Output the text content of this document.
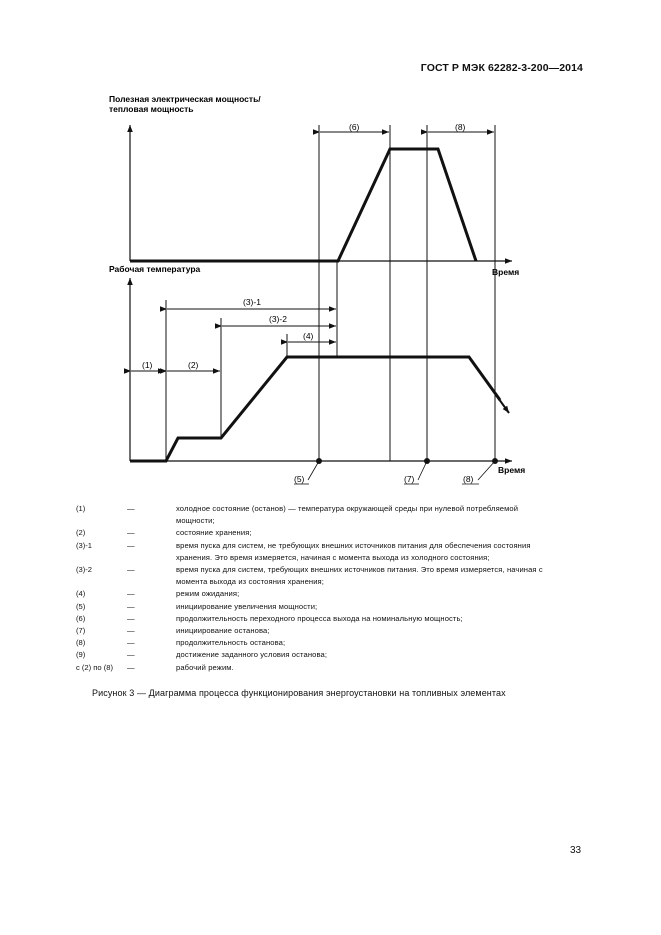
ГОСТ Р МЭК 62282-3-200—2014
Полезная электрическая мощность/
тепловая мощность
Время
Рабочая температура
Время
(6)	(8)
(3)-1
(3)-2
(4)
(1)	(2)
(5)	(7)	(8)
(1)	—	холодное состояние (останов) — температура окружающей среды при нулевой потребляемой мощности;
(2)	—	состояние хранения;
(3)-1	—	время пуска для систем, не требующих внешних источников питания для обеспечения состояния хранения. Это время измеряется, начиная с момента выхода из холодного состояния;
(3)-2	—	время пуска для систем, требующих внешних источников питания. Это время измеряется, начиная с момента выхода из состояния хранения;
(4)	—	режим ожидания;
(5)	—	инициирование увеличения мощности;
(6)	—	продолжительность переходного процесса выхода на номинальную мощность;
(7)	—	инициирование останова;
(8)	—	продолжительность останова;
(9)	—	достижение заданного условия останова;
с (2) по (8) —	рабочий режим.
Рисунок 3 — Диаграмма процесса функционирования энергоустановки на топливных элементах
33
